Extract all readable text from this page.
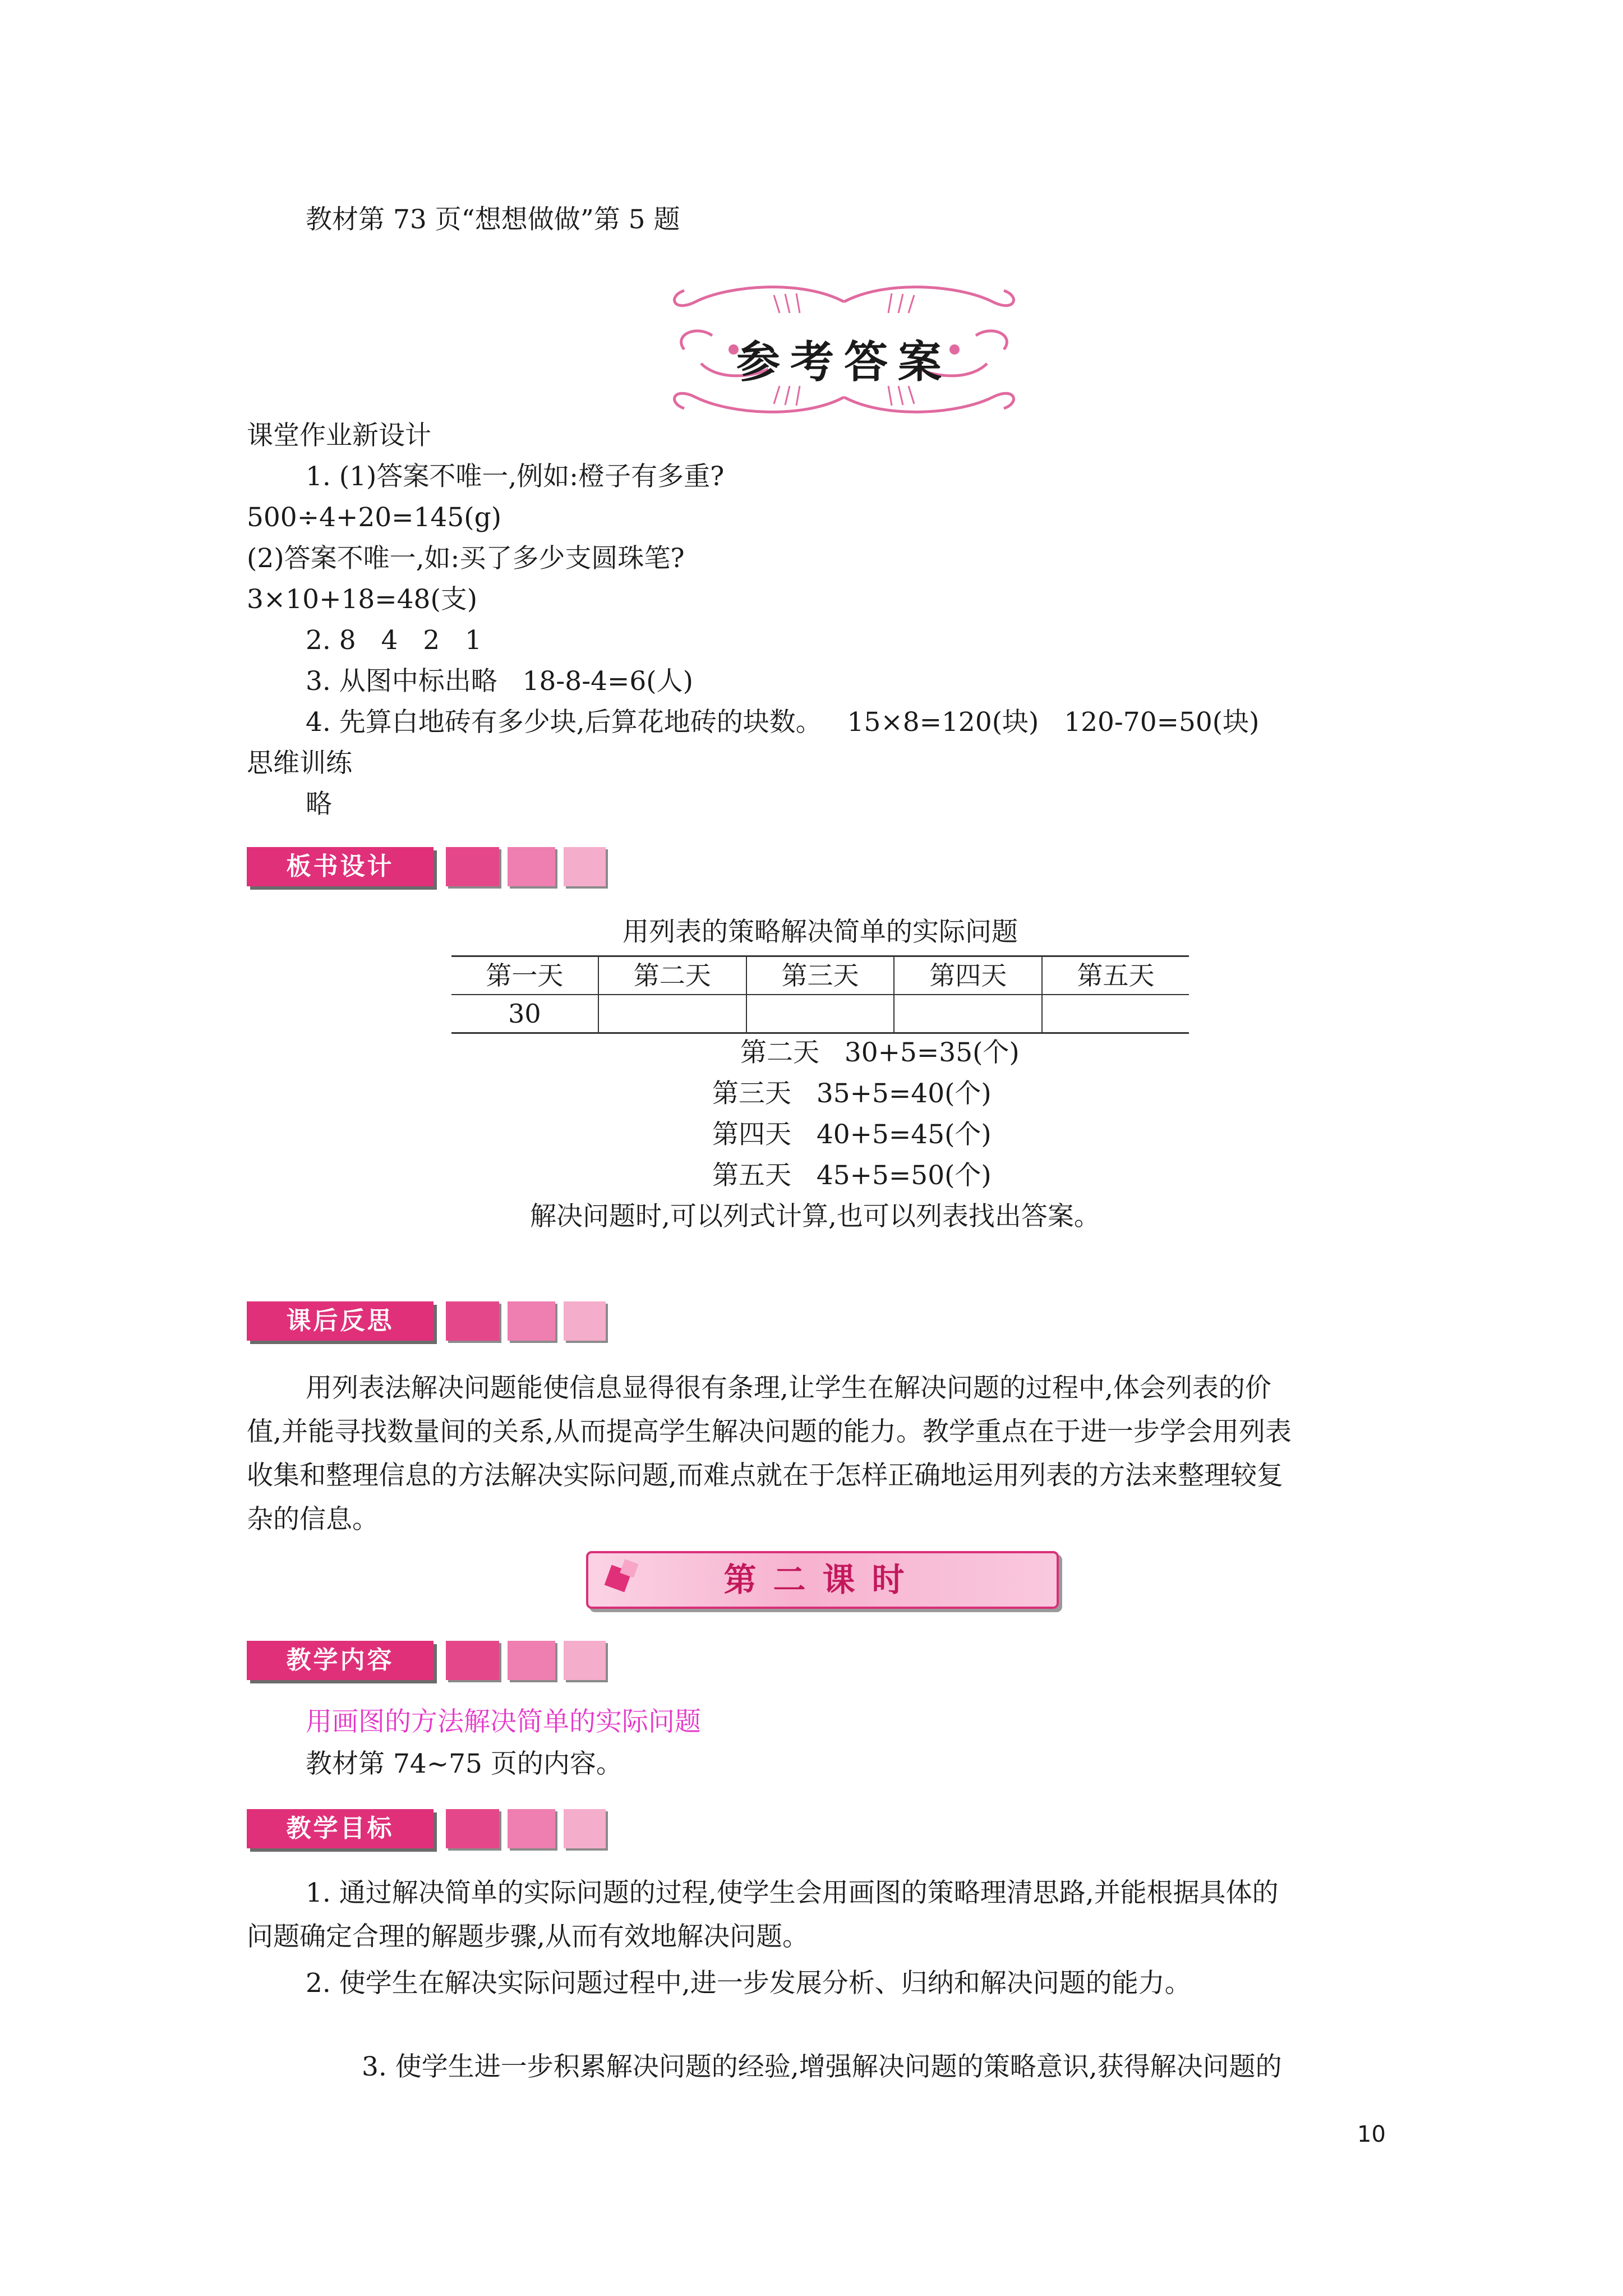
教材第 73 页“想想做做”第 5 题
参考答案
课堂作业新设计
1. (1)答案不唯一,例如:橙子有多重?
500÷4+20=145(g)
(2)答案不唯一,如:买了多少支圆珠笔?
3×10+18=48(支)
2. 8   4   2   1
3. 从图中标出略   18-8-4=6(人)
4. 先算白地砖有多少块,后算花地砖的块数。   15×8=120(块)   120-70=50(块)
思维训练
略
板书设计
用列表的策略解决简单的实际问题
第一天	第二天	第三天	第四天	第五天
30				
第二天   30+5=35(个)
第三天   35+5=40(个)
第四天   40+5=45(个)
第五天   45+5=50(个)
解决问题时,可以列式计算,也可以列表找出答案。
课后反思
用列表法解决问题能使信息显得很有条理,让学生在解决问题的过程中,体会列表的价
值,并能寻找数量间的关系,从而提高学生解决问题的能力。教学重点在于进一步学会用列表
收集和整理信息的方法解决实际问题,而难点就在于怎样正确地运用列表的方法来整理较复
杂的信息。
第二课时
教学内容
用画图的方法解决简单的实际问题
教材第 74~75 页的内容。
教学目标
1. 通过解决简单的实际问题的过程,使学生会用画图的策略理清思路,并能根据具体的
问题确定合理的解题步骤,从而有效地解决问题。
2. 使学生在解决实际问题过程中,进一步发展分析、归纳和解决问题的能力。
3. 使学生进一步积累解决问题的经验,增强解决问题的策略意识,获得解决问题的
10
